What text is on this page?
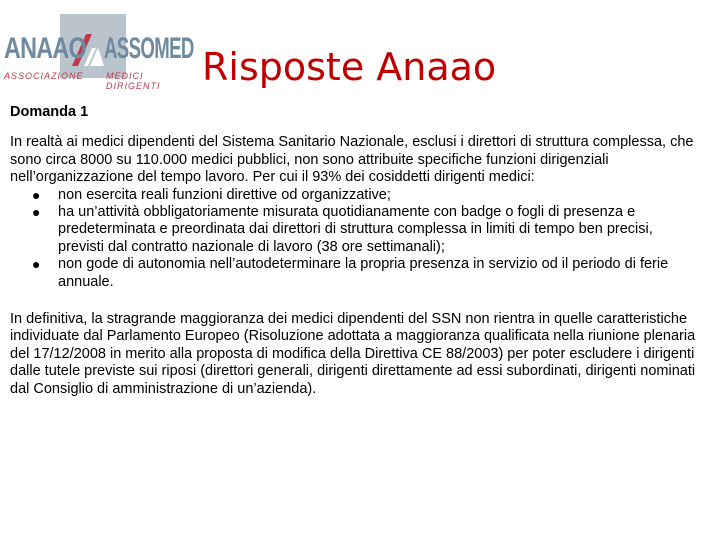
ANAAO ASSOMED
ASSOCIAZIONE MEDICI DIRIGENTI	Risposte Anaao

Domanda 1

In realtà ai medici dipendenti del Sistema Sanitario Nazionale, esclusi i direttori di struttura complessa, che sono circa 8000 su 110.000 medici pubblici, non sono attribuite specifiche funzioni dirigenziali nell’organizzazione del tempo lavoro. Per cui il 93% dei cosiddetti dirigenti medici:

● non esercita reali funzioni direttive od organizzative;
● ha un’attività obbligatoriamente misurata quotidianamente con badge o fogli di presenza e predeterminata e preordinata dai direttori di struttura complessa in limiti di tempo ben precisi, previsti dal contratto nazionale di lavoro (38 ore settimanali);
● non gode di autonomia nell’autodeterminare la propria presenza in servizio od il periodo di ferie annuale.

In definitiva, la stragrande maggioranza dei medici dipendenti del SSN non rientra in quelle caratteristiche individuate dal Parlamento Europeo (Risoluzione adottata a maggioranza qualificata nella riunione plenaria del 17/12/2008 in merito alla proposta di modifica della Direttiva CE 88/2003) per poter escludere i dirigenti dalle tutele previste sui riposi (direttori generali, dirigenti direttamente ad essi subordinati, dirigenti nominati dal Consiglio di amministrazione di un’azienda).
